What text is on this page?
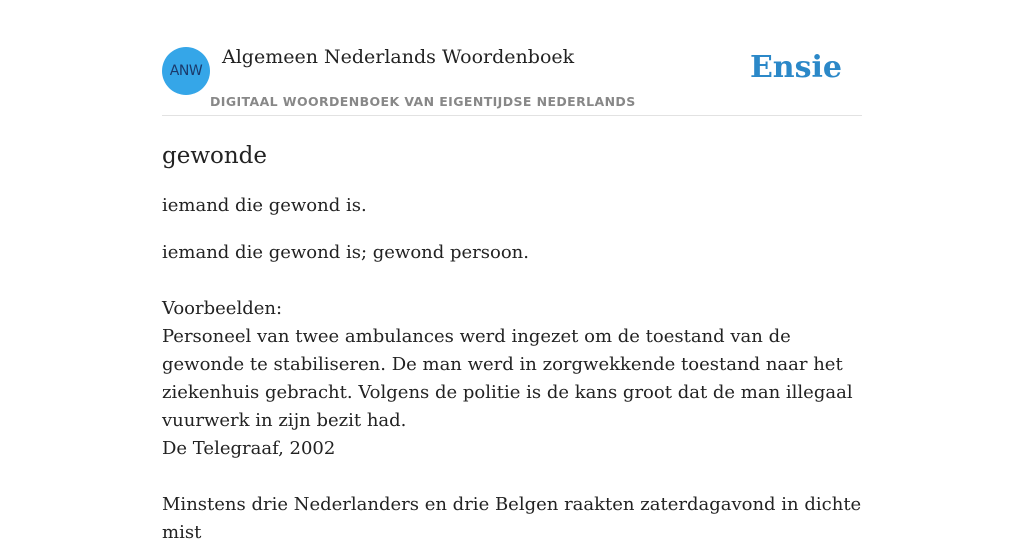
ANW
Algemeen Nederlands Woordenboek
DIGITAAL WOORDENBOEK VAN EIGENTIJDSE NEDERLANDS
Ensie
gewonde

iemand die gewond is.

iemand die gewond is; gewond persoon.
Voorbeelden:
Personeel van twee ambulances werd ingezet om de toestand van de gewonde te stabiliseren. De man werd in zorgwekkende toestand naar het ziekenhuis gebracht. Volgens de politie is de kans groot dat de man illegaal vuurwerk in zijn bezit had.
De Telegraaf, 2002
Minstens drie Nederlanders en drie Belgen raakten zaterdagavond in dichte mist
